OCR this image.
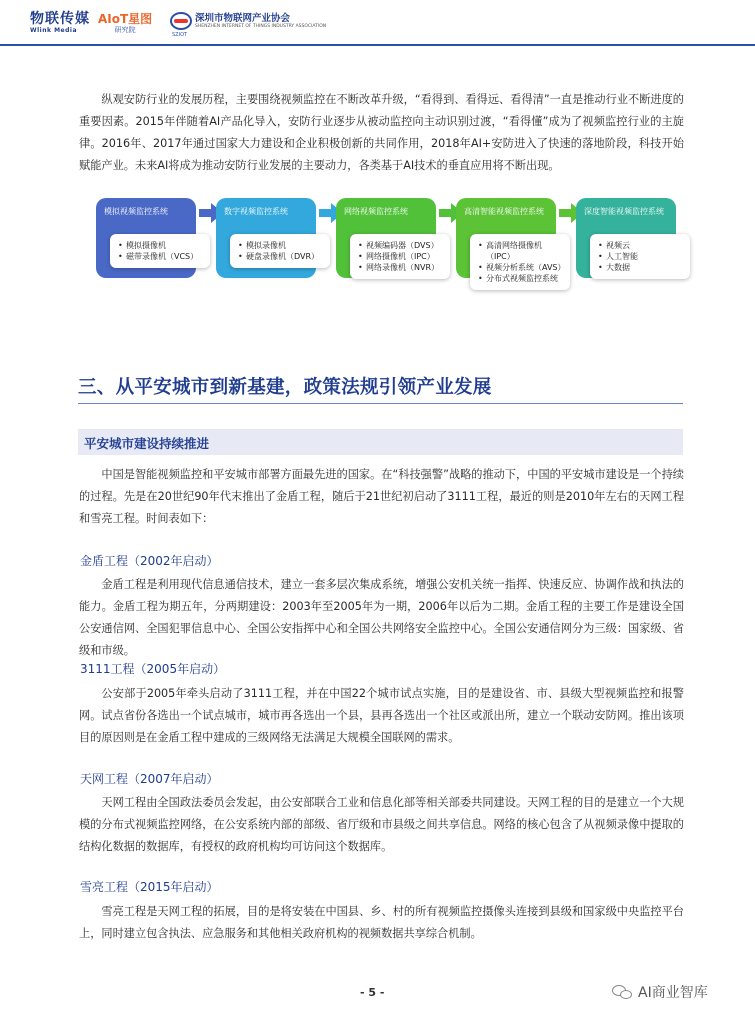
物联传媒
Wlink Media
AIoT星图
研究院
SZIOT
深圳市物联网产业协会
SHENZHEN INTERNET OF THINGS INDUSTRY ASSOCIATION

纵观安防行业的发展历程，主要围绕视频监控在不断改革升级，“看得到、看得远、看得清”一直是推动行业不断进度的重要因素。2015年伴随着AI产品化导入，安防行业逐步从被动监控向主动识别过渡，“看得懂”成为了视频监控行业的主旋律。2016年、2017年通过国家大力建设和企业积极创新的共同作用，2018年AI+安防进入了快速的落地阶段，科技开始赋能产业。未来AI将成为推动安防行业发展的主要动力，各类基于AI技术的垂直应用将不断出现。

模拟视频监控系统
• 模拟摄像机
• 磁带录像机（VCS）
数字视频监控系统
• 模拟录像机
• 硬盘录像机（DVR）
网络视频监控系统
• 视频编码器（DVS）
• 网络摄像机（IPC）
• 网络录像机（NVR）
高清智能视频监控系统
• 高清网络摄像机（IPC）
• 视频分析系统（AVS）
• 分布式视频监控系统
深度智能视频监控系统
• 视频云
• 人工智能
• 大数据
三、从平安城市到新基建，政策法规引领产业发展
平安城市建设持续推进

中国是智能视频监控和平安城市部署方面最先进的国家。在“科技强警”战略的推动下，中国的平安城市建设是一个持续的过程。先是在20世纪90年代末推出了金盾工程，随后于21世纪初启动了3111工程，最近的则是2010年左右的天网工程和雪亮工程。时间表如下：

金盾工程（2002年启动）

金盾工程是利用现代信息通信技术，建立一套多层次集成系统，增强公安机关统一指挥、快速反应、协调作战和执法的能力。金盾工程为期五年，分两期建设：2003年至2005年为一期，2006年以后为二期。金盾工程的主要工作是建设全国公安通信网、全国犯罪信息中心、全国公安指挥中心和全国公共网络安全监控中心。全国公安通信网分为三级：国家级、省级和市级。

3111工程（2005年启动）

公安部于2005年牵头启动了3111工程，并在中国22个城市试点实施，目的是建设省、市、县级大型视频监控和报警网。试点省份各选出一个试点城市，城市再各选出一个县，县再各选出一个社区或派出所，建立一个联动安防网。推出该项目的原因则是在金盾工程中建成的三级网络无法满足大规模全国联网的需求。

天网工程（2007年启动）

天网工程由全国政法委员会发起，由公安部联合工业和信息化部等相关部委共同建设。天网工程的目的是建立一个大规模的分布式视频监控网络，在公安系统内部的部级、省厅级和市县级之间共享信息。网络的核心包含了从视频录像中提取的结构化数据的数据库，有授权的政府机构均可访问这个数据库。

雪亮工程（2015年启动）

雪亮工程是天网工程的拓展，目的是将安装在中国县、乡、村的所有视频监控摄像头连接到县级和国家级中央监控平台上，同时建立包含执法、应急服务和其他相关政府机构的视频数据共享综合机制。

- 5 -	AI商业智库
